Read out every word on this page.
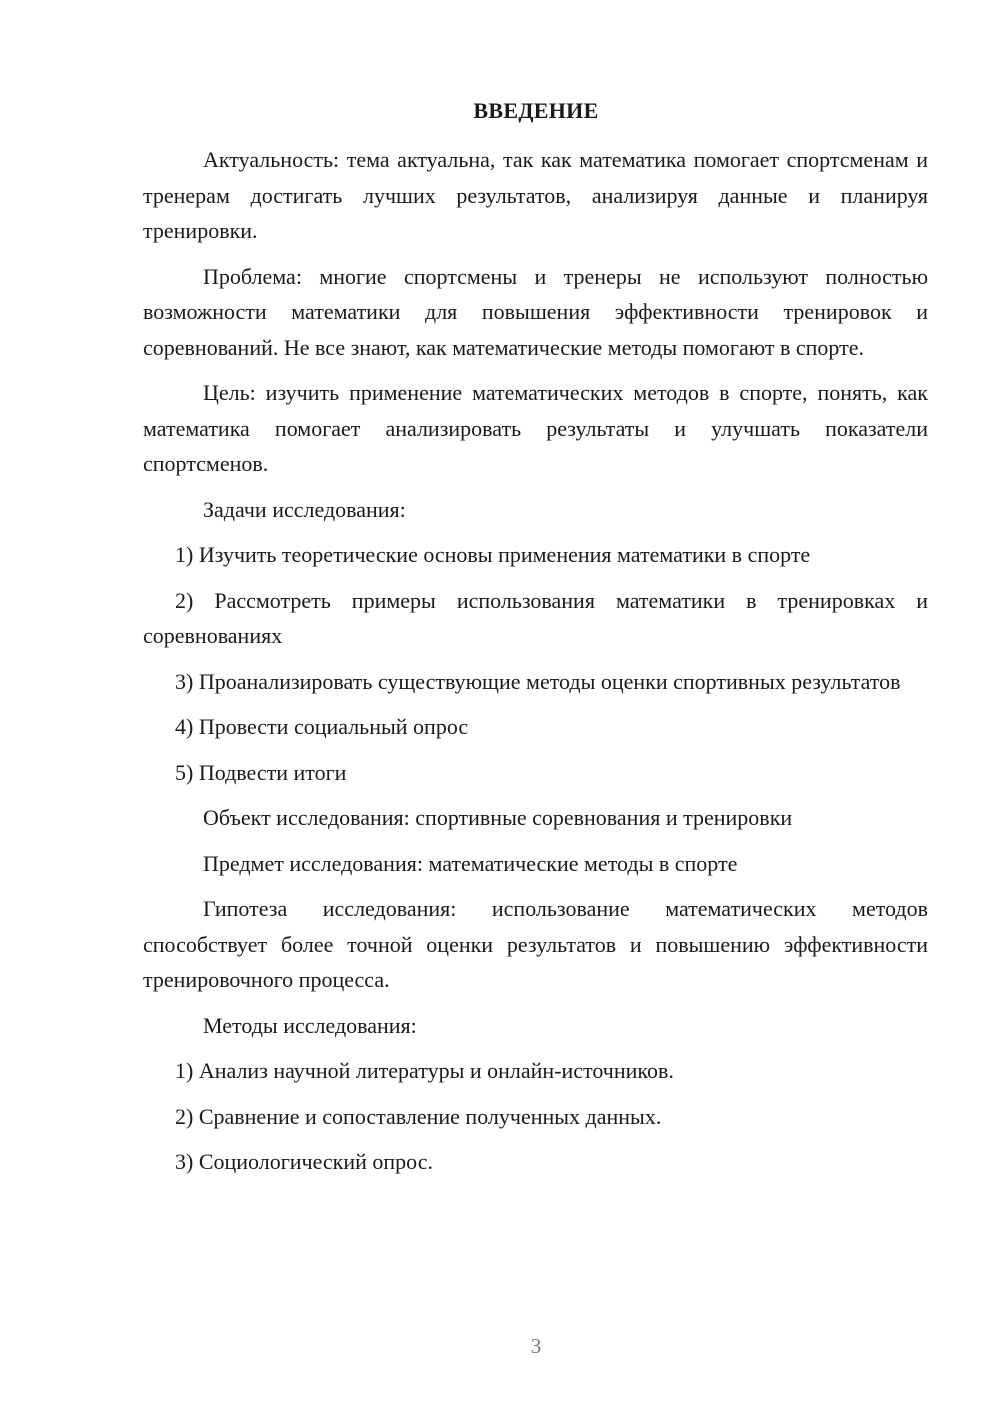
ВВЕДЕНИЕ

Актуальность: тема актуальна, так как математика помогает спортсменам и тренерам достигать лучших результатов, анализируя данные и планируя тренировки.

Проблема: многие спортсмены и тренеры не используют полностью возможности математики для повышения эффективности тренировок и соревнований. Не все знают, как математические методы помогают в спорте.

Цель: изучить применение математических методов в спорте, понять, как математика помогает анализировать результаты и улучшать показатели спортсменов.

Задачи исследования:

1) Изучить теоретические основы применения математики в спорте

2) Рассмотреть примеры использования математики в тренировках и соревнованиях

3) Проанализировать существующие методы оценки спортивных результатов

4) Провести социальный опрос

5) Подвести итоги

Объект исследования: спортивные соревнования и тренировки

Предмет исследования: математические методы в спорте

Гипотеза исследования: использование математических методов способствует более точной оценки результатов и повышению эффективности тренировочного процесса.

Методы исследования:

1) Анализ научной литературы и онлайн-источников.

2) Сравнение и сопоставление полученных данных.

3) Социологический опрос.

3
